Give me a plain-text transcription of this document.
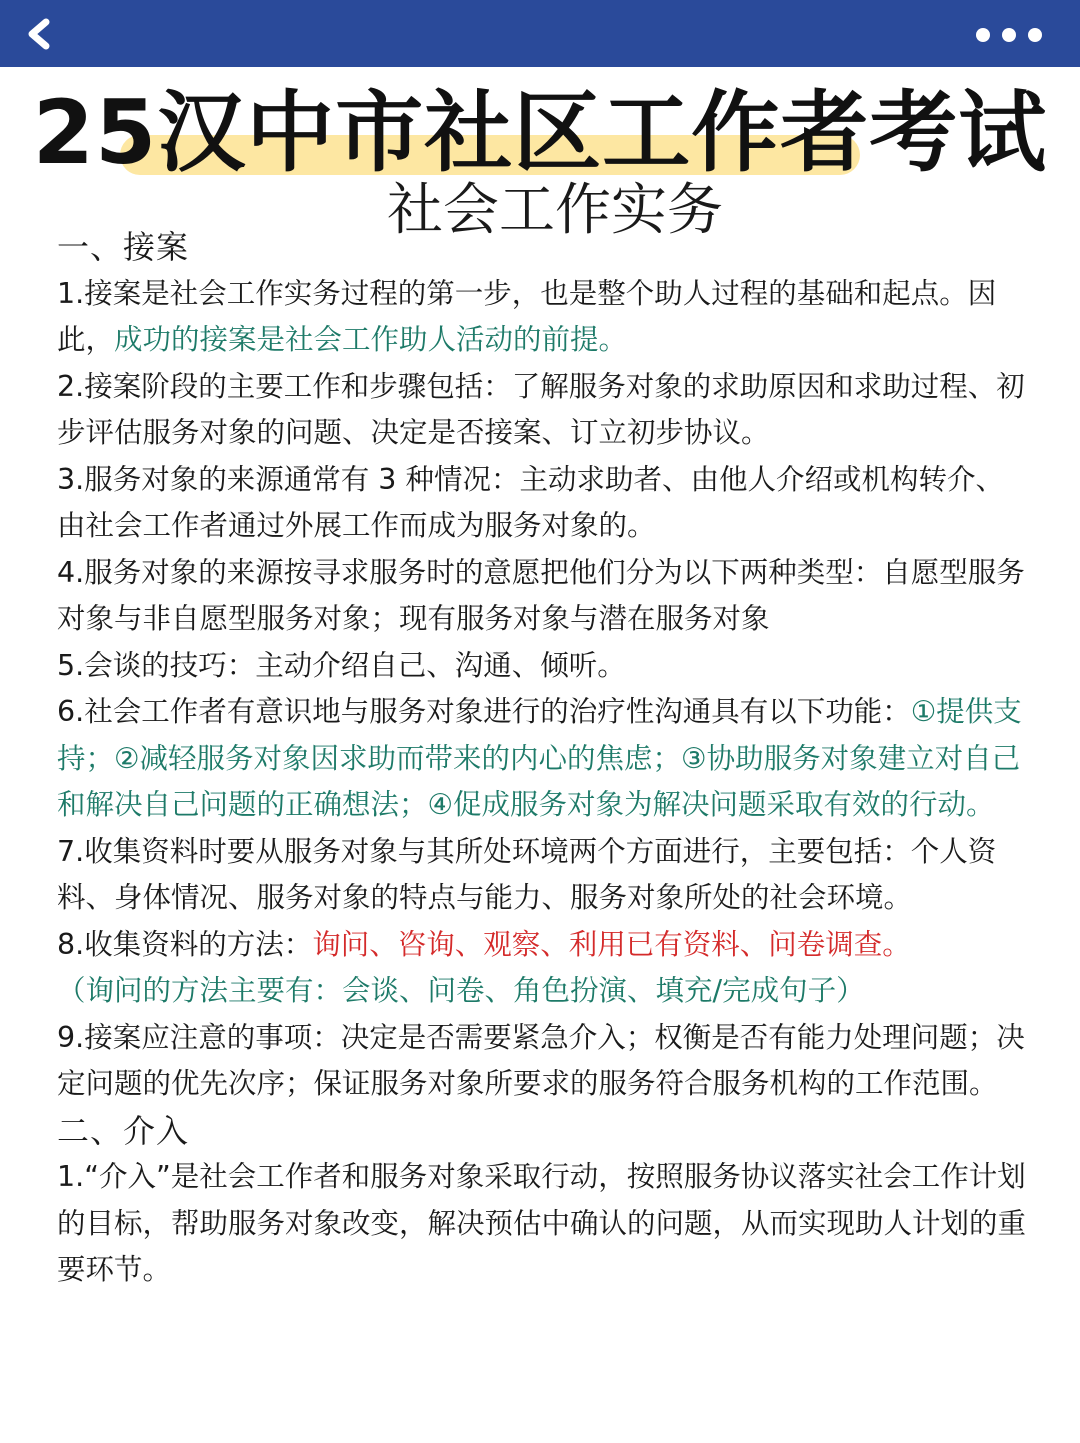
25汉中市社区工作者考试
社会工作实务

一、接案

1.接案是社会工作实务过程的第一步，也是整个助人过程的基础和起点。因此，成功的接案是社会工作助人活动的前提。

2.接案阶段的主要工作和步骤包括：了解服务对象的求助原因和求助过程、初步评估服务对象的问题、决定是否接案、订立初步协议。

3.服务对象的来源通常有 3 种情况：主动求助者、由他人介绍或机构转介、由社会工作者通过外展工作而成为服务对象的。

4.服务对象的来源按寻求服务时的意愿把他们分为以下两种类型：自愿型服务对象与非自愿型服务对象；现有服务对象与潜在服务对象

5.会谈的技巧：主动介绍自己、沟通、倾听。

6.社会工作者有意识地与服务对象进行的治疗性沟通具有以下功能：①提供支持；②减轻服务对象因求助而带来的内心的焦虑；③协助服务对象建立对自己和解决自己问题的正确想法；④促成服务对象为解决问题采取有效的行动。

7.收集资料时要从服务对象与其所处环境两个方面进行，主要包括：个人资料、身体情况、服务对象的特点与能力、服务对象所处的社会环境。

8.收集资料的方法：询问、咨询、观察、利用已有资料、问卷调查。

（询问的方法主要有：会谈、问卷、角色扮演、填充/完成句子）

9.接案应注意的事项：决定是否需要紧急介入；权衡是否有能力处理问题；决定问题的优先次序；保证服务对象所要求的服务符合服务机构的工作范围。

二、介入

1.“介入”是社会工作者和服务对象采取行动，按照服务协议落实社会工作计划的目标，帮助服务对象改变，解决预估中确认的问题，从而实现助人计划的重要环节。
